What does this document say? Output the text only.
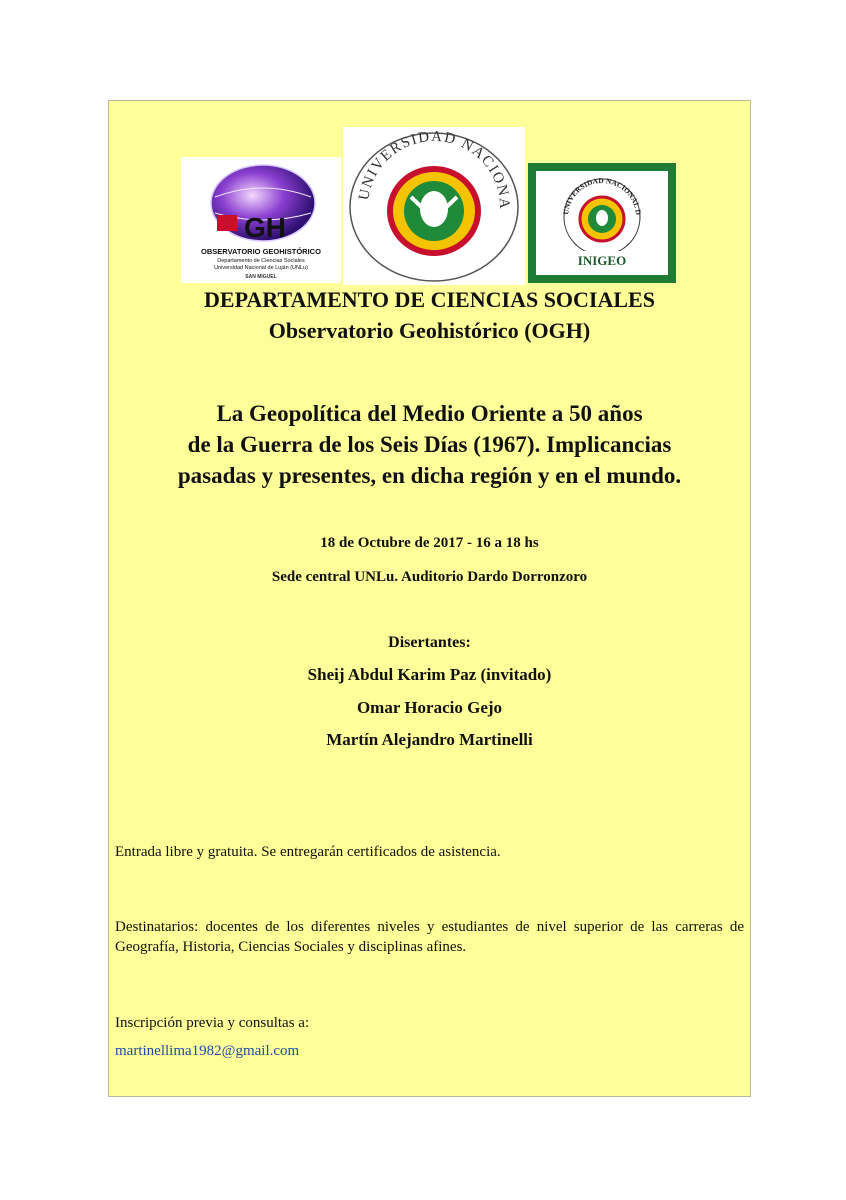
GH
OBSERVATORIO GEOHISTÓRICO
Departamento de Ciencias Sociales
Universidad Nacional de Luján (UNLu)
SAN MIGUEL
UNIVERSIDAD NACIONA
UNIVERSIDAD NACIONAL D
INIGEO
DEPARTAMENTO DE CIENCIAS SOCIALES
Observatorio Geohistórico (OGH)
La Geopolítica del Medio Oriente a 50 años
de la Guerra de los Seis Días (1967). Implicancias
pasadas y presentes, en dicha región y en el mundo.

18 de Octubre de 2017 - 16 a 18 hs

Sede central UNLu. Auditorio Dardo Dorronzoro

Disertantes:

Sheij Abdul Karim Paz (invitado)

Omar Horacio Gejo

Martín Alejandro Martinelli

Entrada libre y gratuita. Se entregarán certificados de asistencia.

Destinatarios: docentes de los diferentes niveles y estudiantes de nivel superior de las carreras de Geografía, Historia, Ciencias Sociales y disciplinas afines.

Inscripción previa y consultas a:

martinellima1982@gmail.com
